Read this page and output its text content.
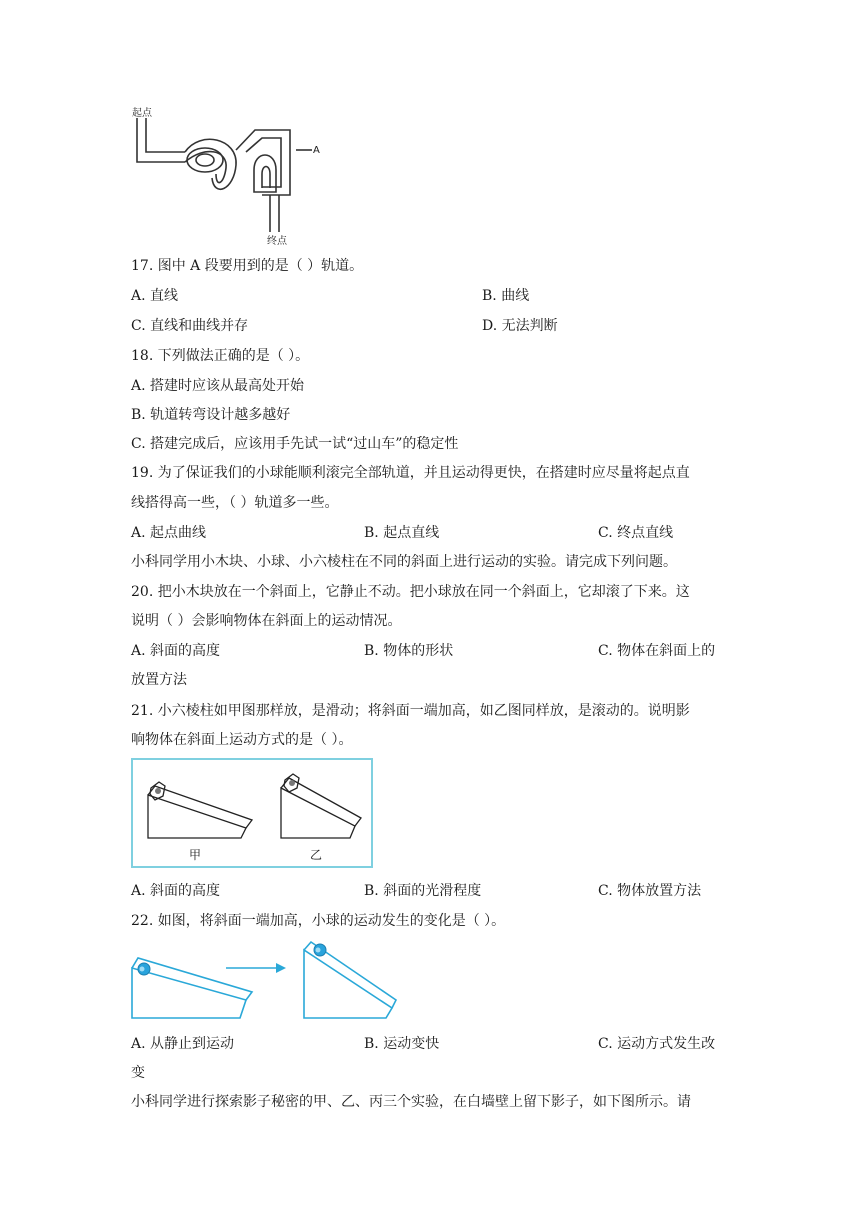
起点
终点
A
17. 图中 A 段要用到的是（ ）轨道。
A. 直线	B. 曲线
C. 直线和曲线并存	D. 无法判断
18. 下列做法正确的是（ ）。
A. 搭建时应该从最高处开始
B. 轨道转弯设计越多越好
C. 搭建完成后，应该用手先试一试“过山车”的稳定性
19. 为了保证我们的小球能顺利滚完全部轨道，并且运动得更快，在搭建时应尽量将起点直
线搭得高一些，（ ）轨道多一些。
A. 起点曲线	B. 起点直线	C. 终点直线
小科同学用小木块、小球、小六棱柱在不同的斜面上进行运动的实验。请完成下列问题。
20. 把小木块放在一个斜面上，它静止不动。把小球放在同一个斜面上，它却滚了下来。这
说明（ ）会影响物体在斜面上的运动情况。
A. 斜面的高度	B. 物体的形状	C. 物体在斜面上的
放置方法
21. 小六棱柱如甲图那样放，是滑动；将斜面一端加高，如乙图同样放，是滚动的。说明影
响物体在斜面上运动方式的是（ ）。
甲	乙
A. 斜面的高度	B. 斜面的光滑程度	C. 物体放置方法
22. 如图，将斜面一端加高，小球的运动发生的变化是（ ）。
A. 从静止到运动	B. 运动变快	C. 运动方式发生改
变
小科同学进行探索影子秘密的甲、乙、丙三个实验，在白墙壁上留下影子，如下图所示。请
